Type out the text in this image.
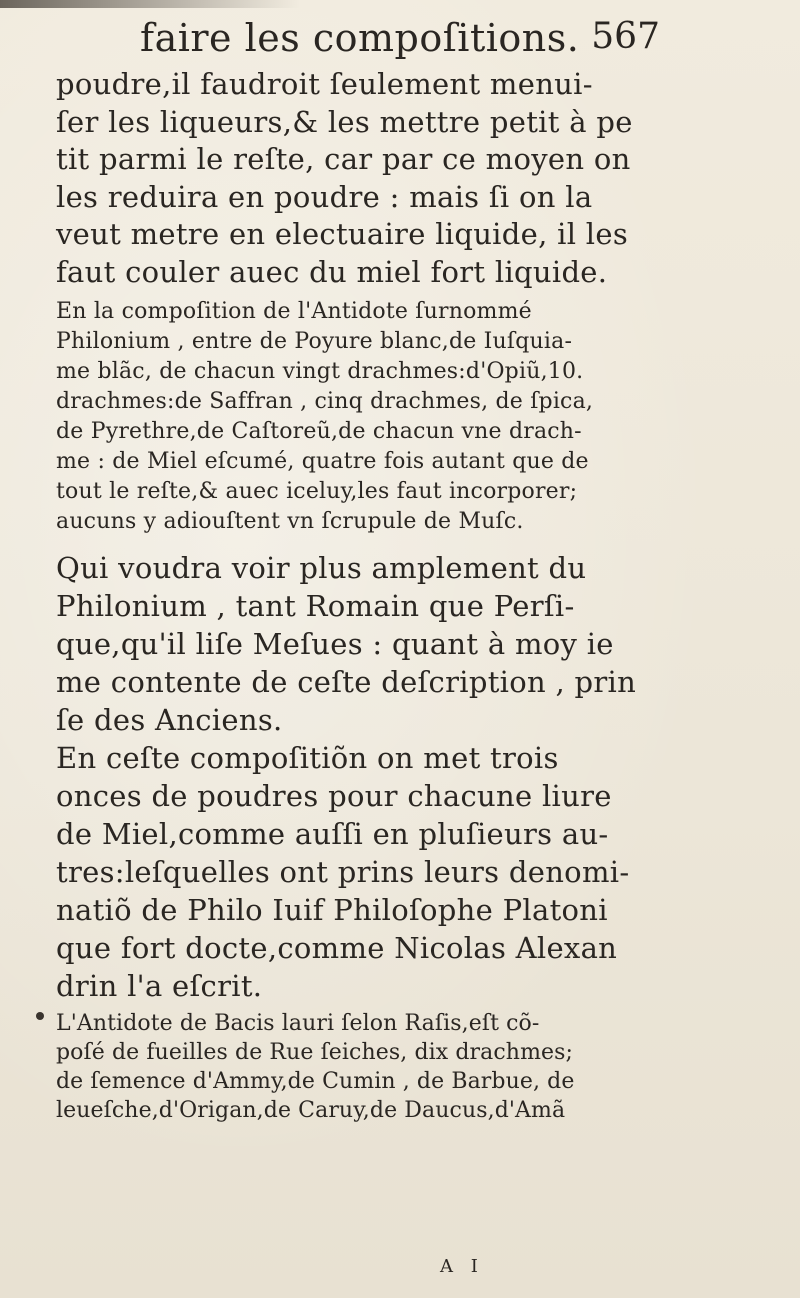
faire les compoſitions. 567
poudre,il faudroit ſeulement menui-
ſer les liqueurs,& les mettre petit à pe
tit parmi le reſte, car par ce moyen on
les reduira en poudre : mais ſi on la
veut metre en electuaire liquide, il les
faut couler auec du miel fort liquide.
En la compoſition de l'Antidote ſurnommé
Philonium , entre de Poyure blanc,de Iuſquia-
me blãc, de chacun vingt drachmes:d'Opiũ,10.
drachmes:de Saffran , cinq drachmes, de ſpica,
de Pyrethre,de Caſtoreũ,de chacun vne drach-
me : de Miel eſcumé, quatre fois autant que de
tout le reſte,& auec iceluy,les faut incorporer;
aucuns y adiouſtent vn ſcrupule de Muſc.
Qui voudra voir plus amplement du
Philonium , tant Romain que Perſi-
que,qu'il liſe Meſues : quant à moy ie
me contente de ceſte deſcription , prin
ſe des Anciens.
En ceſte compoſitiõn on met trois
onces de poudres pour chacune liure
de Miel,comme auſſi en pluſieurs au-
tres:leſquelles ont prins leurs denomi-
natiõ de Philo Iuif Philoſophe Platoni
que fort docte,comme Nicolas Alexan
drin l'a eſcrit.
L'Antidote de Bacis lauri ſelon Raſis,eſt cõ-
poſé de fueilles de Rue ſeiches, dix drachmes;
de ſemence d'Ammy,de Cumin , de Barbue, de
leueſche,d'Origan,de Caruy,de Daucus,d'Amã
A I
